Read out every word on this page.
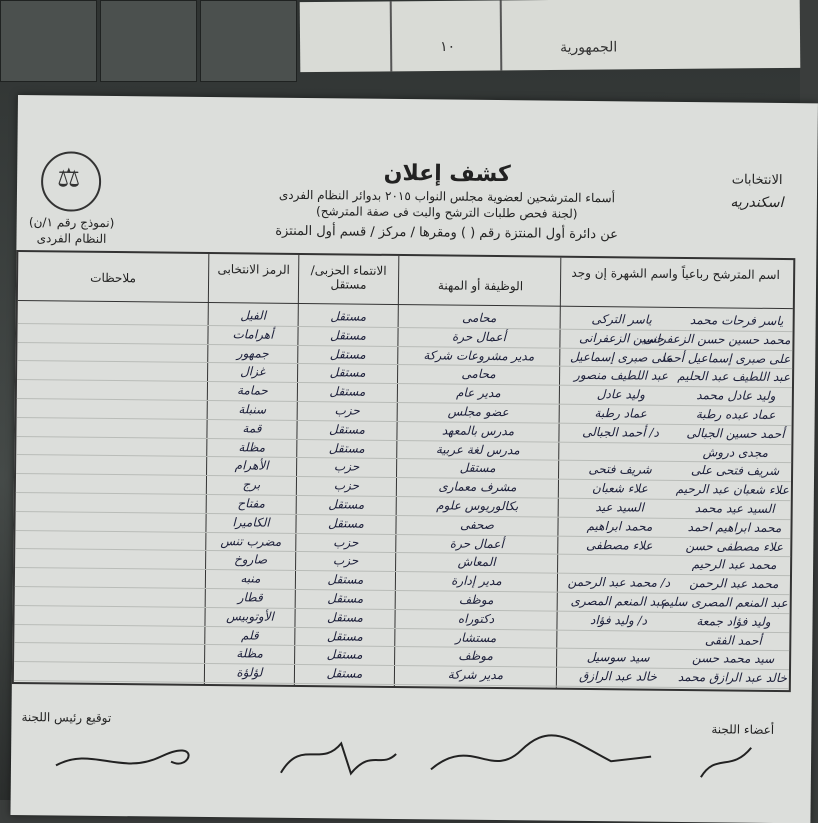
١٠	الجمهورية
⚖
(نموذج رقم ١/ن)
النظام الفردى
كشف إعلان
أسماء المترشحين لعضوية مجلس النواب ٢٠١٥ بدوائر النظام الفردى
(لجنة فحص طلبات الترشح والبت فى صفة المترشح)
عن دائرة أول المنتزة رقم ( ) ومقرها / مركز / قسم أول المنتزة
الانتخابات
اسكندريه
اسم المترشح رباعياً واسم الشهرة إن وجد
الوظيفة أو المهنة
الانتماء الحزبى/ مستقل
الرمز الانتخابى
ملاحظات
ياسر فرحات محمد
ياسر التركى
محامى
مستقل
الفيل
محمد حسين حسن الزعفرانى
حسين الزعفرانى
أعمال حرة
مستقل
أهرامات
على صبرى إسماعيل أحمد
على صبرى إسماعيل
مدير مشروعات شركة
مستقل
جمهور
عبد اللطيف عبد الحليم
عبد اللطيف منصور
محامى
مستقل
غزال
وليد عادل محمد
وليد عادل
مدير عام
مستقل
حمامة
عماد عبده رطبة
عماد رطبة
عضو مجلس
حزب
سنبلة
أحمد حسين الجبالى
د/ أحمد الجبالى
مدرس بالمعهد
مستقل
قمة
مجدى دروش
مدرس لغة عربية
مستقل
مظلة
شريف فتحى على
شريف فتحى
مستقل
حزب
الأهرام
علاء شعبان عبد الرحيم
علاء شعبان
مشرف معمارى
حزب
برج
السيد عيد محمد
السيد عيد
بكالوريوس علوم
مستقل
مفتاح
محمد ابراهيم احمد
محمد ابراهيم
صحفى
مستقل
الكاميرا
علاء مصطفى حسن
علاء مصطفى
أعمال حرة
حزب
مضرب تنس
محمد عبد الرحيم
المعاش
حزب
صاروخ
محمد عبد الرحمن
د/ محمد عبد الرحمن
مدير إدارة
مستقل
منبه
عبد المنعم المصرى سليم
عبد المنعم المصرى
موظف
مستقل
قطار
وليد فؤاد جمعة
د/ وليد فؤاد
دكتوراه
مستقل
الأوتوبيس
أحمد الفقى
مستشار
مستقل
قلم
سيد محمد حسن
سيد سوسيل
موظف
مستقل
مظلة
خالد عبد الرازق محمد
خالد عبد الرازق
مدير شركة
مستقل
لؤلؤة
توقيع رئيس اللجنة
أعضاء اللجنة
